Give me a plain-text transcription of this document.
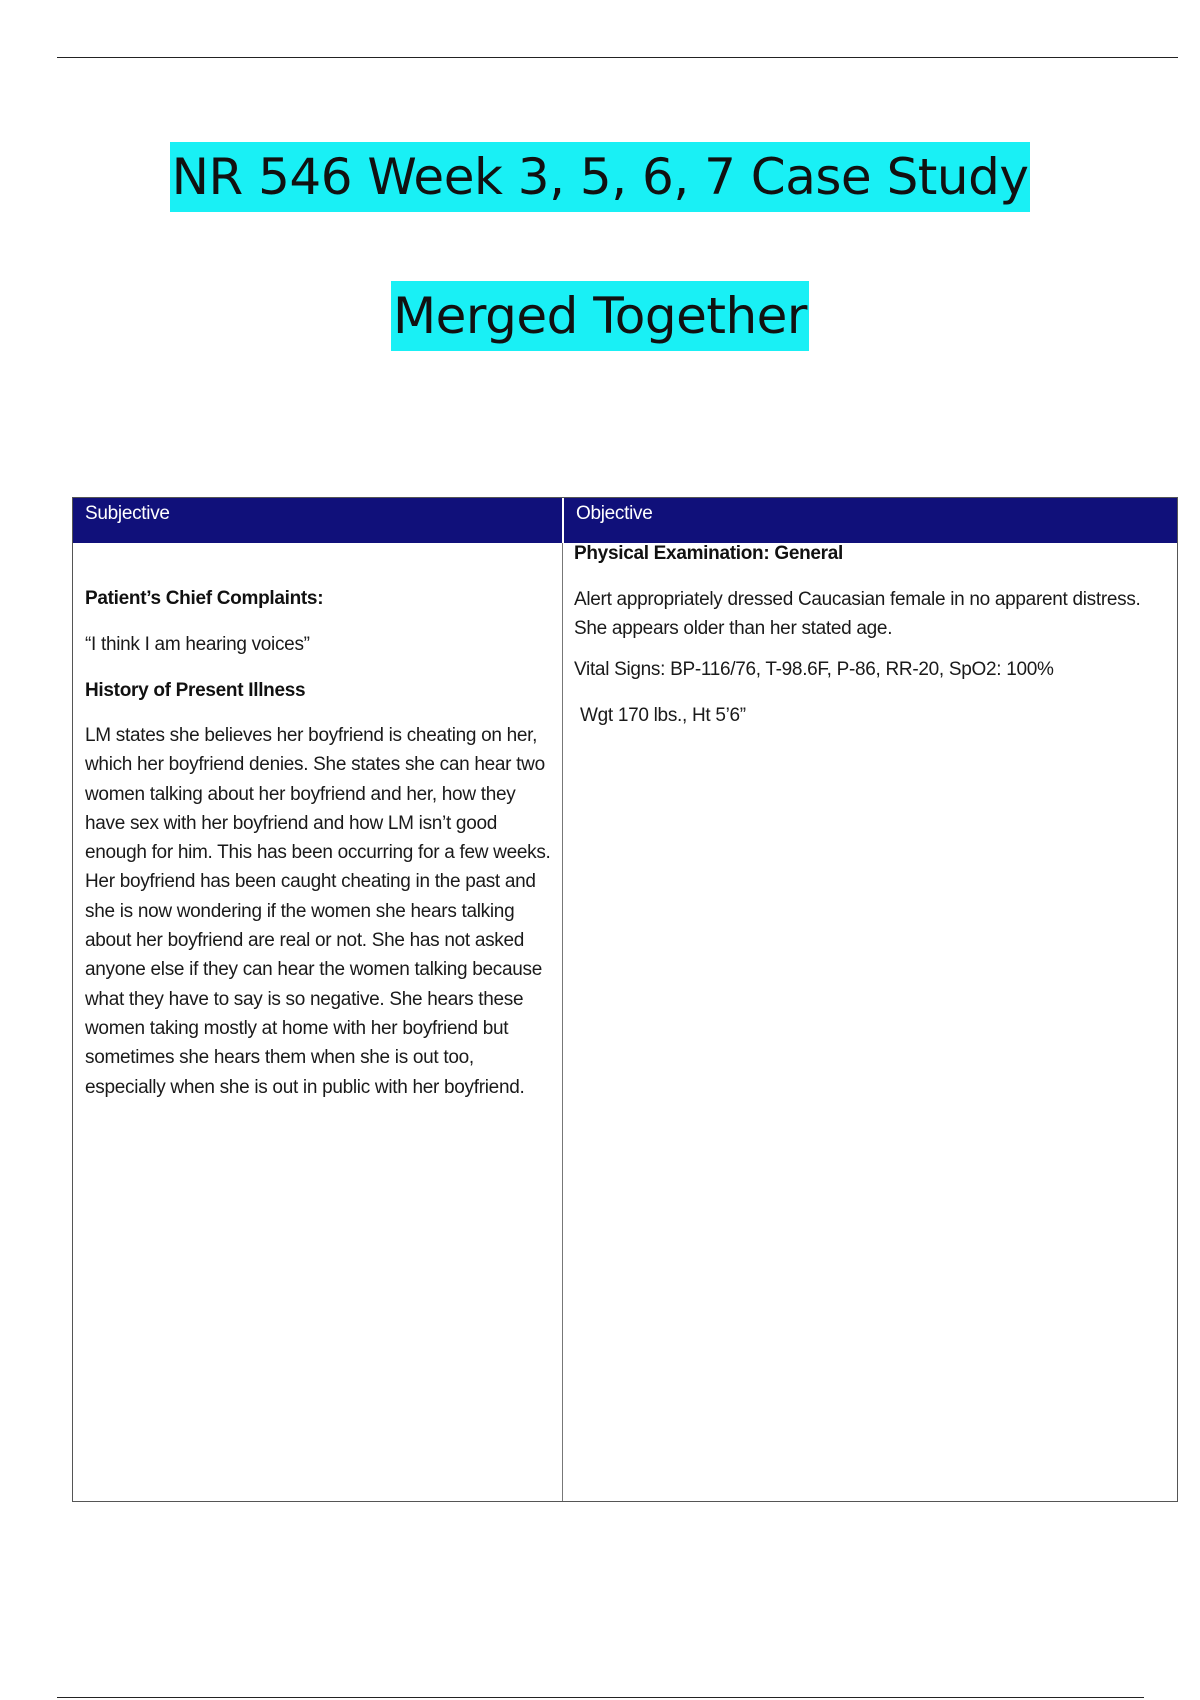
NR 546 Week 3, 5, 6, 7 Case Study
Merged Together
Subjective	Objective

Patient’s Chief Complaints:

“I think I am hearing voices”

History of Present Illness

LM states she believes her boyfriend is cheating on her, which her boyfriend denies. She states she can hear two women talking about her boyfriend and her, how they have sex with her boyfriend and how LM isn’t good enough for him. This has been occurring for a few weeks. Her boyfriend has been caught cheating in the past and she is now wondering if the women she hears talking about her boyfriend are real or not. She has not asked anyone else if they can hear the women talking because what they have to say is so negative. She hears these women taking mostly at home with her boyfriend but sometimes she hears them when she is out too, especially when she is out in public with her boyfriend.

Physical Examination: General

Alert appropriately dressed Caucasian female in no apparent distress. She appears older than her stated age.

Vital Signs: BP-116/76, T-98.6F, P-86, RR-20, SpO2: 100%

Wgt 170 lbs., Ht 5’6”
